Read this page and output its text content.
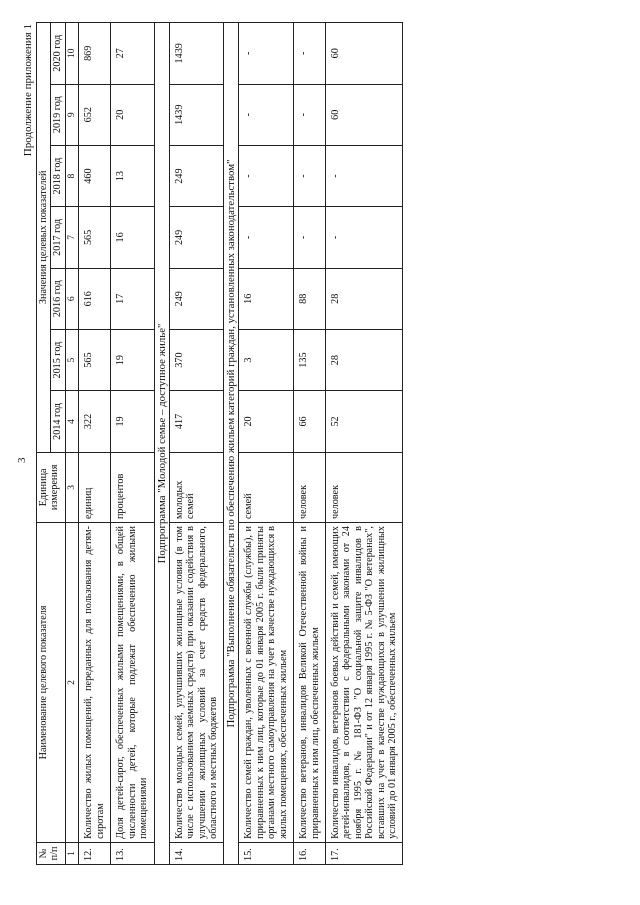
3
Продолжение приложения 1
№ п/п	Наименование целевого показателя	Единица измерения	Значения целевых показателей						
			2014 год	2015 год	2016 год	2017 год	2018 год	2019 год	2020 год
1	2	3	4	5	6	7	8	9	10
12.	Количество жилых помещений, переданных для пользования детям-сиротам	единиц	322	565	616	565	460	652	869
13.	Доля детей-сирот, обеспеченных жилыми помещениями, в общей численности детей, которые подлежат обеспечению жилыми помещениями	процентов	19	19	17	16	13	20	27
Подпрограмма "Молодой семье – доступное жилье"									
14.	Количество молодых семей, улучшивших жилищные условия (в том числе с использованием заемных средств) при оказании содействия в улучшении жилищных условий за счет средств федерального, областного и местных бюджетов	молодых семей	417	370	249	249	249	1439	1439
Подпрограмма "Выполнение обязательств по обеспечению жильем категорий граждан, установленных законодательством"									
15.	Количество семей граждан, уволенных с военной службы (службы), и приравненных к ним лиц, которые до 01 января 2005 г. были приняты органами местного самоуправления на учет в качестве нуждающихся в жилых помещениях, обеспеченных жильем	семей	20	3	16	-	-	-	-
16.	Количество ветеранов, инвалидов Великой Отечественной войны и приравненных к ним лиц, обеспеченных жильем	человек	66	135	88	-	-	-	-
17.	Количество инвалидов, ветеранов боевых действий и семей, имеющих детей-инвалидов, в соответствии с федеральными законами от 24 ноября 1995 г. № 181-ФЗ "О социальной защите инвалидов в Российской Федерации" и от 12 января 1995 г. № 5-ФЗ "О ветеранах", вставших на учет в качестве нуждающихся в улучшении жилищных условий до 01 января 2005 г., обеспеченных жильем	человек	52	28	28	-	-	60	60
